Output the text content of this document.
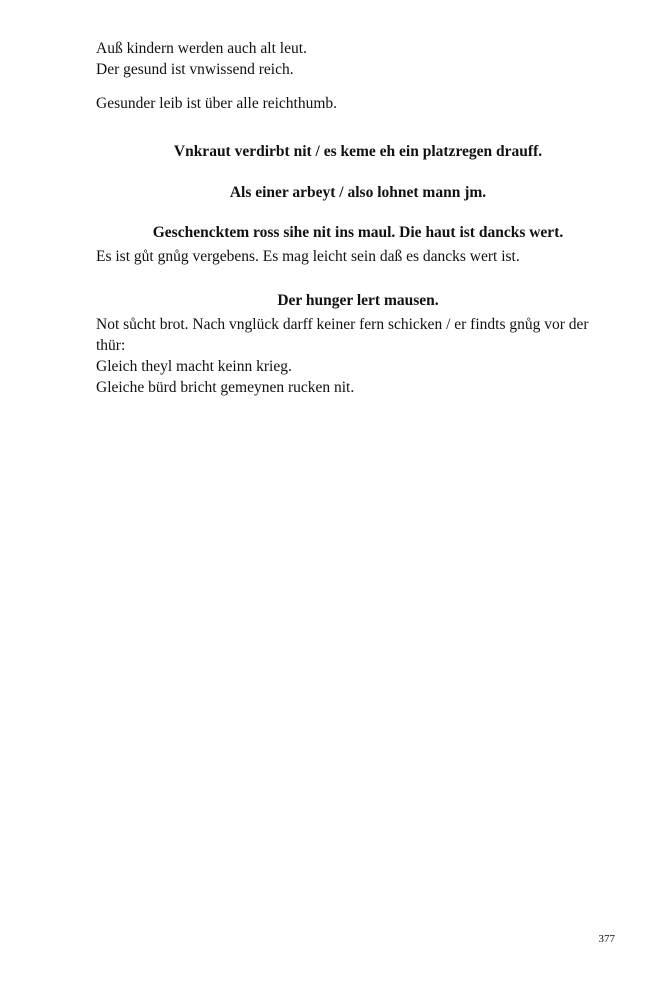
Auß kindern werden auch alt leut.

Der gesund ist vnwissend reich.

Gesunder leib ist über alle reichthumb.

Vnkraut verdirbt nit / es keme eh ein platzregen drauff.

Als einer arbeyt / also lohnet mann jm.

Geschencktem ross sihe nit ins maul. Die haut ist dancks wert.

Es ist gůt gnůg vergebens. Es mag leicht sein daß es dancks wert ist.

Der hunger lert mausen.

Not sůcht brot. Nach vnglück darff keiner fern schicken / er findts gnůg vor der thür:

Gleich theyl macht keinn krieg.

Gleiche bürd bricht gemeynen rucken nit.

377
